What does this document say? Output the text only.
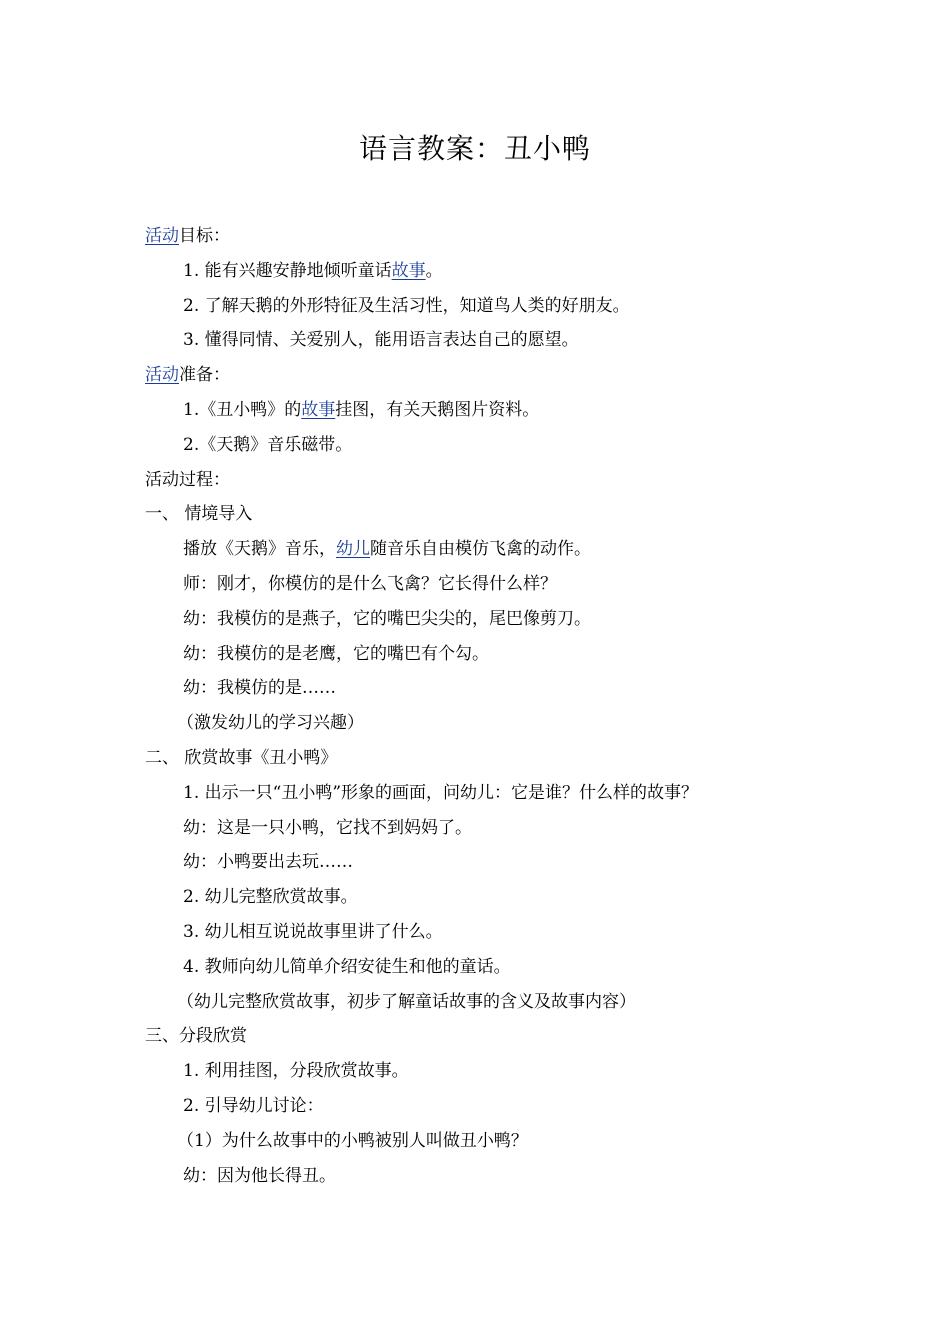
语言教案：丑小鸭
活动目标：
1. 能有兴趣安静地倾听童话故事。
2. 了解天鹅的外形特征及生活习性，知道鸟人类的好朋友。
3. 懂得同情、关爱别人，能用语言表达自己的愿望。
活动准备：
1.《丑小鸭》的故事挂图，有关天鹅图片资料。
2.《天鹅》音乐磁带。
活动过程：
一、 情境导入
播放《天鹅》音乐，幼儿随音乐自由模仿飞禽的动作。
师：刚才，你模仿的是什么飞禽？它长得什么样？
幼：我模仿的是燕子，它的嘴巴尖尖的，尾巴像剪刀。
幼：我模仿的是老鹰，它的嘴巴有个勾。
幼：我模仿的是……
（激发幼儿的学习兴趣）
二、 欣赏故事《丑小鸭》
1. 出示一只“丑小鸭”形象的画面，问幼儿：它是谁？什么样的故事？
幼：这是一只小鸭，它找不到妈妈了。
幼：小鸭要出去玩……
2. 幼儿完整欣赏故事。
3. 幼儿相互说说故事里讲了什么。
4. 教师向幼儿简单介绍安徒生和他的童话。
（幼儿完整欣赏故事，初步了解童话故事的含义及故事内容）
三、分段欣赏
1. 利用挂图，分段欣赏故事。
2. 引导幼儿讨论：
（1）为什么故事中的小鸭被别人叫做丑小鸭？
幼：因为他长得丑。
